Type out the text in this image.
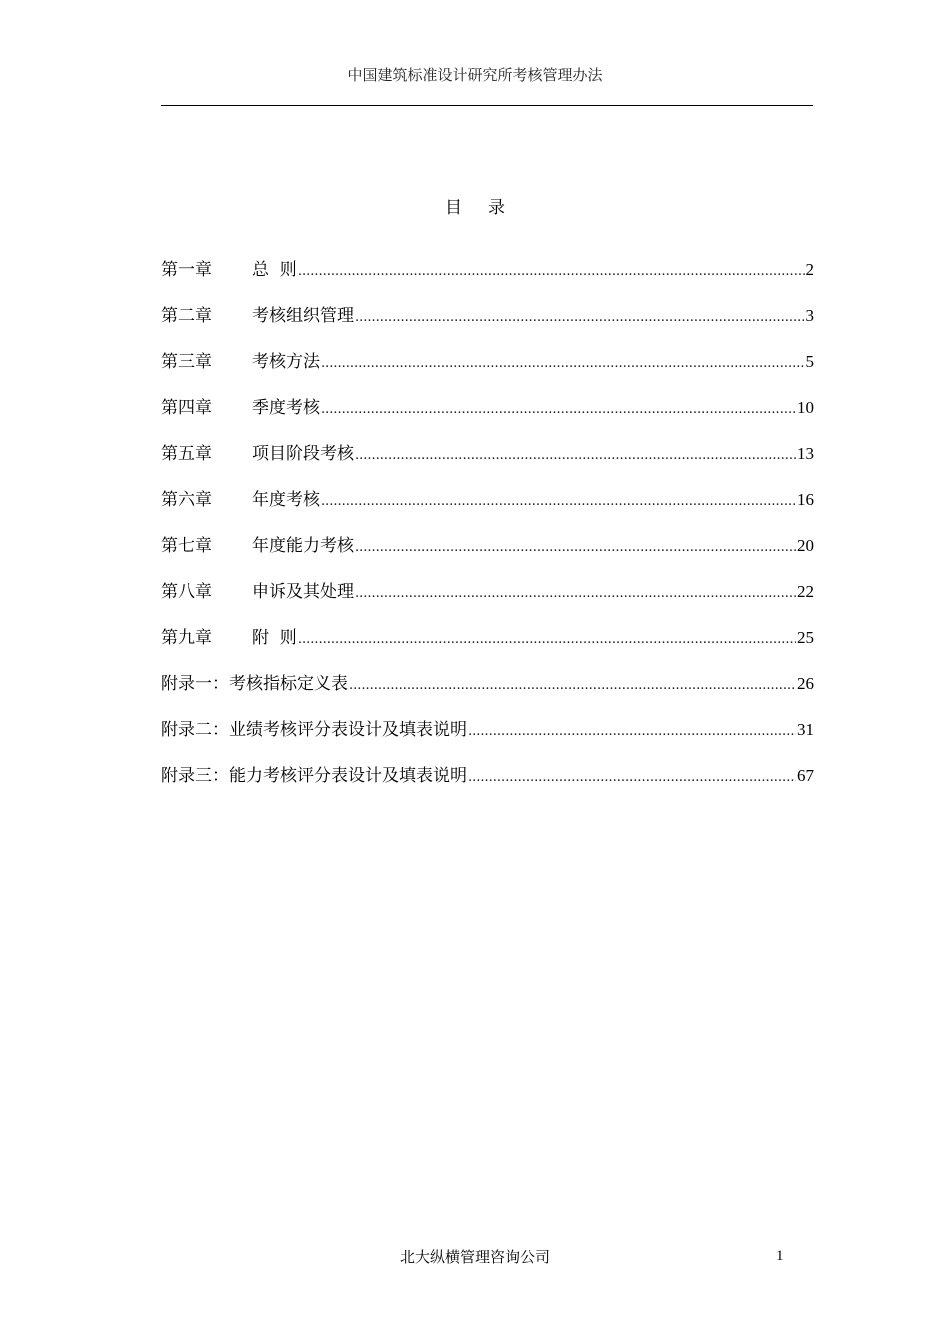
中国建筑标准设计研究所考核管理办法
目 录
第一章	总  则 .....	2
第二章	考核组织管理 .....	3
第三章	考核方法 .....	5
第四章	季度考核 .....	10
第五章	项目阶段考核 .....	13
第六章	年度考核 .....	16
第七章	年度能力考核 .....	20
第八章	申诉及其处理 .....	22
第九章	附  则 .....	25
附录一：考核指标定义表 .....	26
附录二：业绩考核评分表设计及填表说明 .....	31
附录三：能力考核评分表设计及填表说明 .....	67
北大纵横管理咨询公司	1
